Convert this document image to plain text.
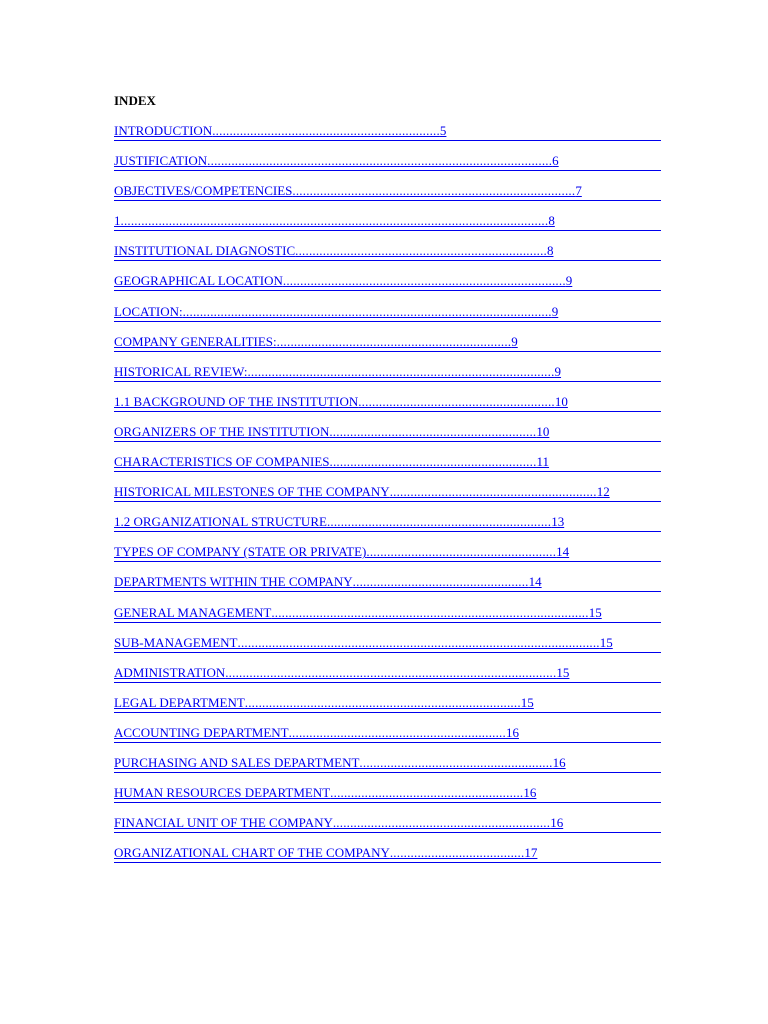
INDEX
INTRODUCTION..................................................................5
JUSTIFICATION....................................................................................................6
OBJECTIVES/COMPETENCIES..................................................................................7
1............................................................................................................................8
INSTITUTIONAL DIAGNOSTIC.........................................................................8
GEOGRAPHICAL LOCATION..................................................................................9
LOCATION:...........................................................................................................9
COMPANY GENERALITIES:....................................................................9
HISTORICAL REVIEW:.........................................................................................9
1.1 BACKGROUND OF THE INSTITUTION.........................................................10
ORGANIZERS OF THE INSTITUTION............................................................10
CHARACTERISTICS OF COMPANIES............................................................11
HISTORICAL MILESTONES OF THE COMPANY............................................................12
1.2 ORGANIZATIONAL STRUCTURE.................................................................13
TYPES OF COMPANY (STATE OR PRIVATE).......................................................14
DEPARTMENTS WITHIN THE COMPANY...................................................14
GENERAL MANAGEMENT............................................................................................15
SUB-MANAGEMENT.........................................................................................................15
ADMINISTRATION................................................................................................15
LEGAL DEPARTMENT................................................................................15
ACCOUNTING DEPARTMENT...............................................................16
PURCHASING AND SALES DEPARTMENT........................................................16
HUMAN RESOURCES DEPARTMENT........................................................16
FINANCIAL UNIT OF THE COMPANY...............................................................16
ORGANIZATIONAL CHART OF THE COMPANY.......................................17
